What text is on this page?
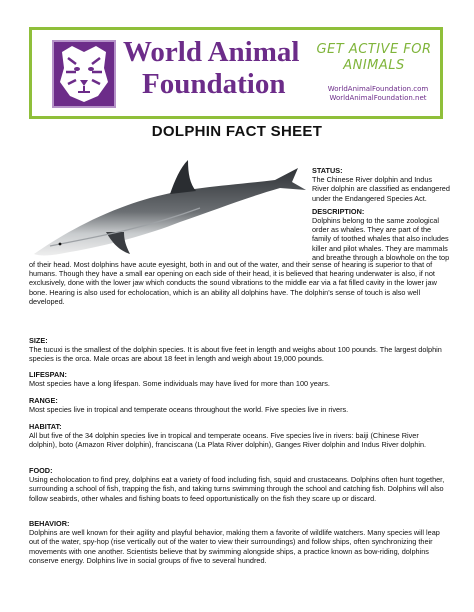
World Animal
Foundation
GET ACTIVE FOR
ANIMALS
WorldAnimalFoundation.com
WorldAnimalFoundation.net
DOLPHIN FACT SHEET

STATUS:
The Chinese River dolphin and Indus River dolphin are classified as endangered under the Endangered Species Act.

DESCRIPTION:
Dolphins belong to the same zoological order as whales. They are part of the family of toothed whales that also includes killer and pilot whales. They are mammals and breathe through a blowhole on the top

of their head. Most dolphins have acute eyesight, both in and out of the water, and their sense of hearing is superior to that of humans. Though they have a small ear opening on each side of their head, it is believed that hearing underwater is also, if not exclusively, done with the lower jaw which conducts the sound vibrations to the middle ear via a fat filled cavity in the lower jaw bone. Hearing is also used for echolocation, which is an ability all dolphins have. The dolphin's sense of touch is also well developed.

SIZE:

The tucuxi is the smallest of the dolphin species. It is about five feet in length and weighs about 100 pounds. The largest dolphin species is the orca. Male orcas are about 18 feet in length and weigh about 19,000 pounds.

LIFESPAN:

Most species have a long lifespan. Some individuals may have lived for more than 100 years.

RANGE:

Most species live in tropical and temperate oceans throughout the world. Five species live in rivers.

HABITAT:

All but five of the 34 dolphin species live in tropical and temperate oceans. Five species live in rivers: baiji (Chinese River dolphin), boto (Amazon River dolphin), franciscana (La Plata River dolphin), Ganges River dolphin and Indus River dolphin.

FOOD:

Using echolocation to find prey, dolphins eat a variety of food including fish, squid and crustaceans. Dolphins often hunt together, surrounding a school of fish, trapping the fish, and taking turns swimming through the school and catching fish. Dolphins will also follow seabirds, other whales and fishing boats to feed opportunistically on the fish they scare up or discard.

BEHAVIOR:

Dolphins are well known for their agility and playful behavior, making them a favorite of wildlife watchers. Many species will leap out of the water, spy-hop (rise vertically out of the water to view their surroundings) and follow ships, often synchronizing their movements with one another. Scientists believe that by swimming alongside ships, a practice known as bow-riding, dolphins conserve energy. Dolphins live in social groups of five to several hundred.
